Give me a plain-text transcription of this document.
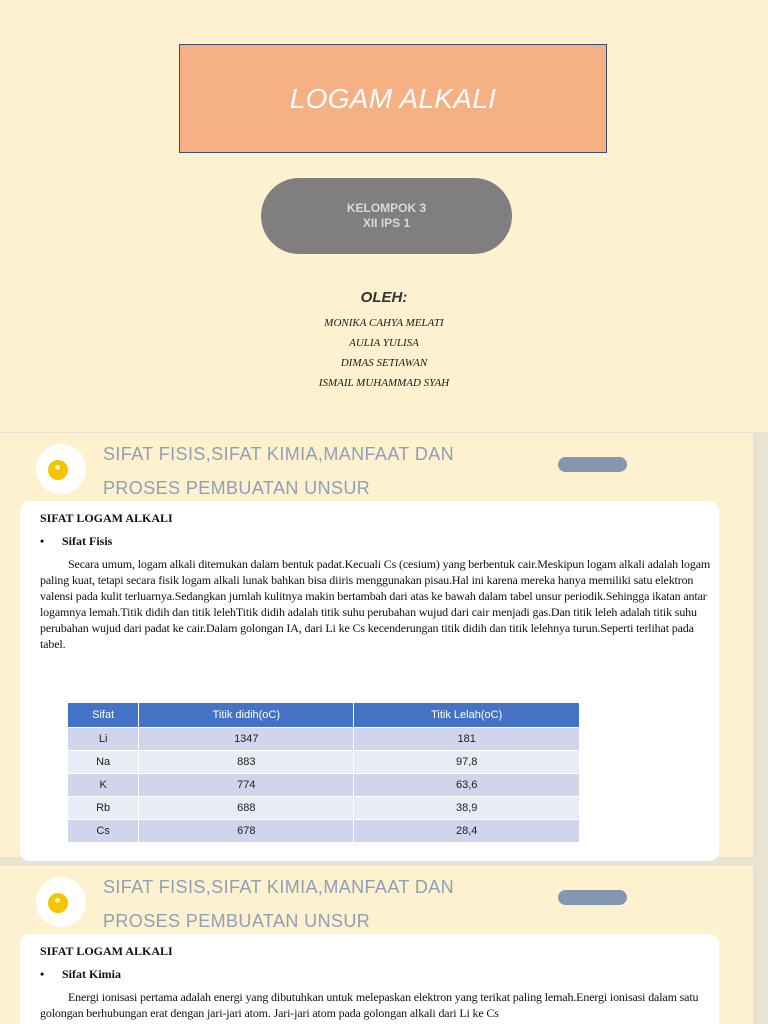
LOGAM ALKALI
KELOMPOK 3
XII IPS 1
OLEH:
MONIKA CAHYA MELATI
AULIA YULISA
DIMAS SETIAWAN
ISMAIL MUHAMMAD SYAH
SIFAT FISIS,SIFAT KIMIA,MANFAAT DAN
PROSES PEMBUATAN UNSUR
SIFAT LOGAM ALKALI
• Sifat Fisis
Secara umum, logam alkali ditemukan dalam bentuk padat.Kecuali Cs (cesium) yang berbentuk cair.Meskipun logam alkali adalah logam paling kuat, tetapi secara fisik logam alkali lunak bahkan bisa diiris menggunakan pisau.Hal ini karena mereka hanya memiliki satu elektron valensi pada kulit terluarnya.Sedangkan jumlah kulitnya makin bertambah dari atas ke bawah dalam tabel unsur periodik.Sehingga ikatan antar logamnya lemah.Titik didih dan titik lelehTitik didih adalah titik suhu perubahan wujud dari cair menjadi gas.Dan titik leleh adalah titik suhu perubahan wujud dari padat ke cair.Dalam golongan IA, dari Li ke Cs kecenderungan titik didih dan titik lelehnya turun.Seperti terlihat pada tabel.
Sifat	Titik didih(oC)	Titik Lelah(oC)
Li	1347	181
Na	883	97,8
K	774	63,6
Rb	688	38,9
Cs	678	28,4
SIFAT FISIS,SIFAT KIMIA,MANFAAT DAN
PROSES PEMBUATAN UNSUR
SIFAT LOGAM ALKALI
• Sifat Kimia
Energi ionisasi pertama adalah energi yang dibutuhkan untuk melepaskan elektron yang terikat paling lemah.Energi ionisasi dalam satu golongan berhubungan erat dengan jari-jari atom. Jari-jari atom pada golongan alkali dari Li ke Cs
